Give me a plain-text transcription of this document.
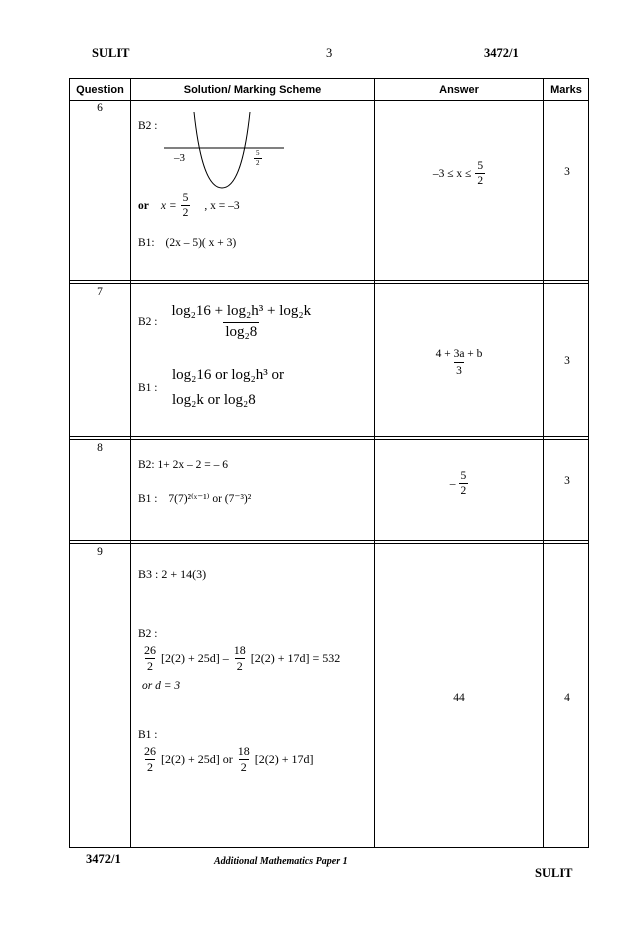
SULIT	3	3472/1
Question	Solution/ Marking Scheme	Answer	Marks
6
B2 :
–3	$\frac{5}{2}$
or $x = \frac{5}{2}$ , x = –3
B1: (2x – 5)( x + 3)
$-3 \le x \le \frac{5}{2}$	3
7
B2 : $\frac{\text{log₂16 + log₂h³ + log₂k}}{\text{log₂8}}$
B1 :
log₂16 or log₂h³ or
log₂k or log₂8
$\frac{4 + 3a + b}{3}$	3
8
B2: 1+ 2x – 2 = – 6
B1 : 7(7)²⁽ˣ⁻¹⁾ or (7⁻³)²
– $\frac{5}{2}$	3
9
B3 : 2 + 14(3)
B2 :
$\frac{26}{2} [2(2) + 25d] - \frac{18}{2} [2(2) + 17d] = 532$
or d = 3
B1 :
$\frac{26}{2} [2(2) + 25d]$ or $\frac{18}{2} [2(2) + 17d]$
44	4
3472/1	Additional Mathematics Paper 1
SULIT
